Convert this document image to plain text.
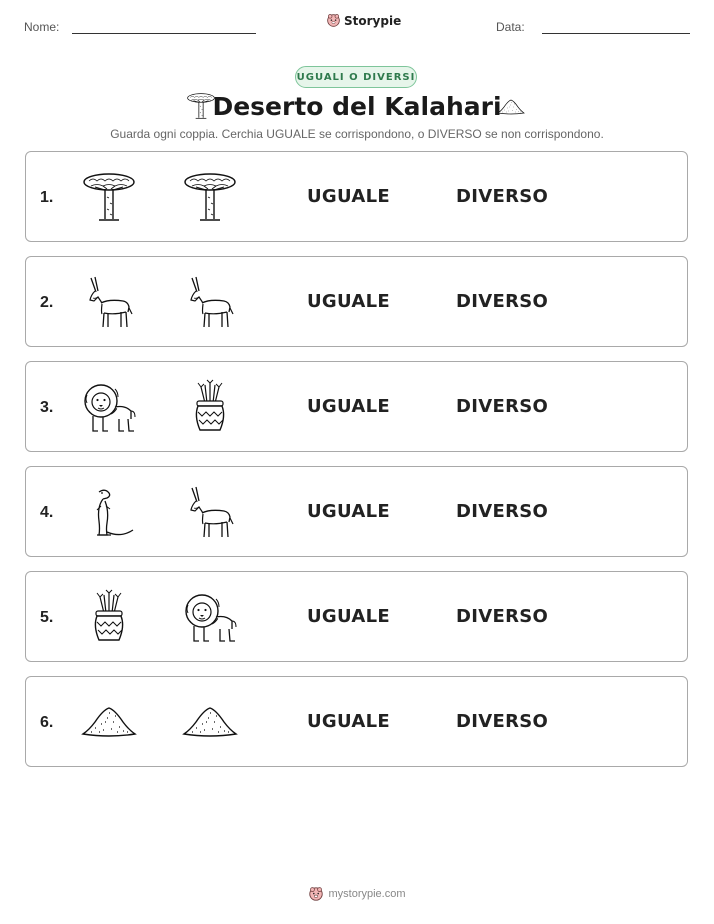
Nome:	Storypie	Data:
UGUALI O DIVERSI
Deserto del Kalahari
Guarda ogni coppia. Cerchia UGUALE se corrispondono, o DIVERSO se non corrispondono.
1.	UGUALE	DIVERSO
2.	UGUALE	DIVERSO
3.	UGUALE	DIVERSO
4.	UGUALE	DIVERSO
5.	UGUALE	DIVERSO
6.	UGUALE	DIVERSO
mystorypie.com
